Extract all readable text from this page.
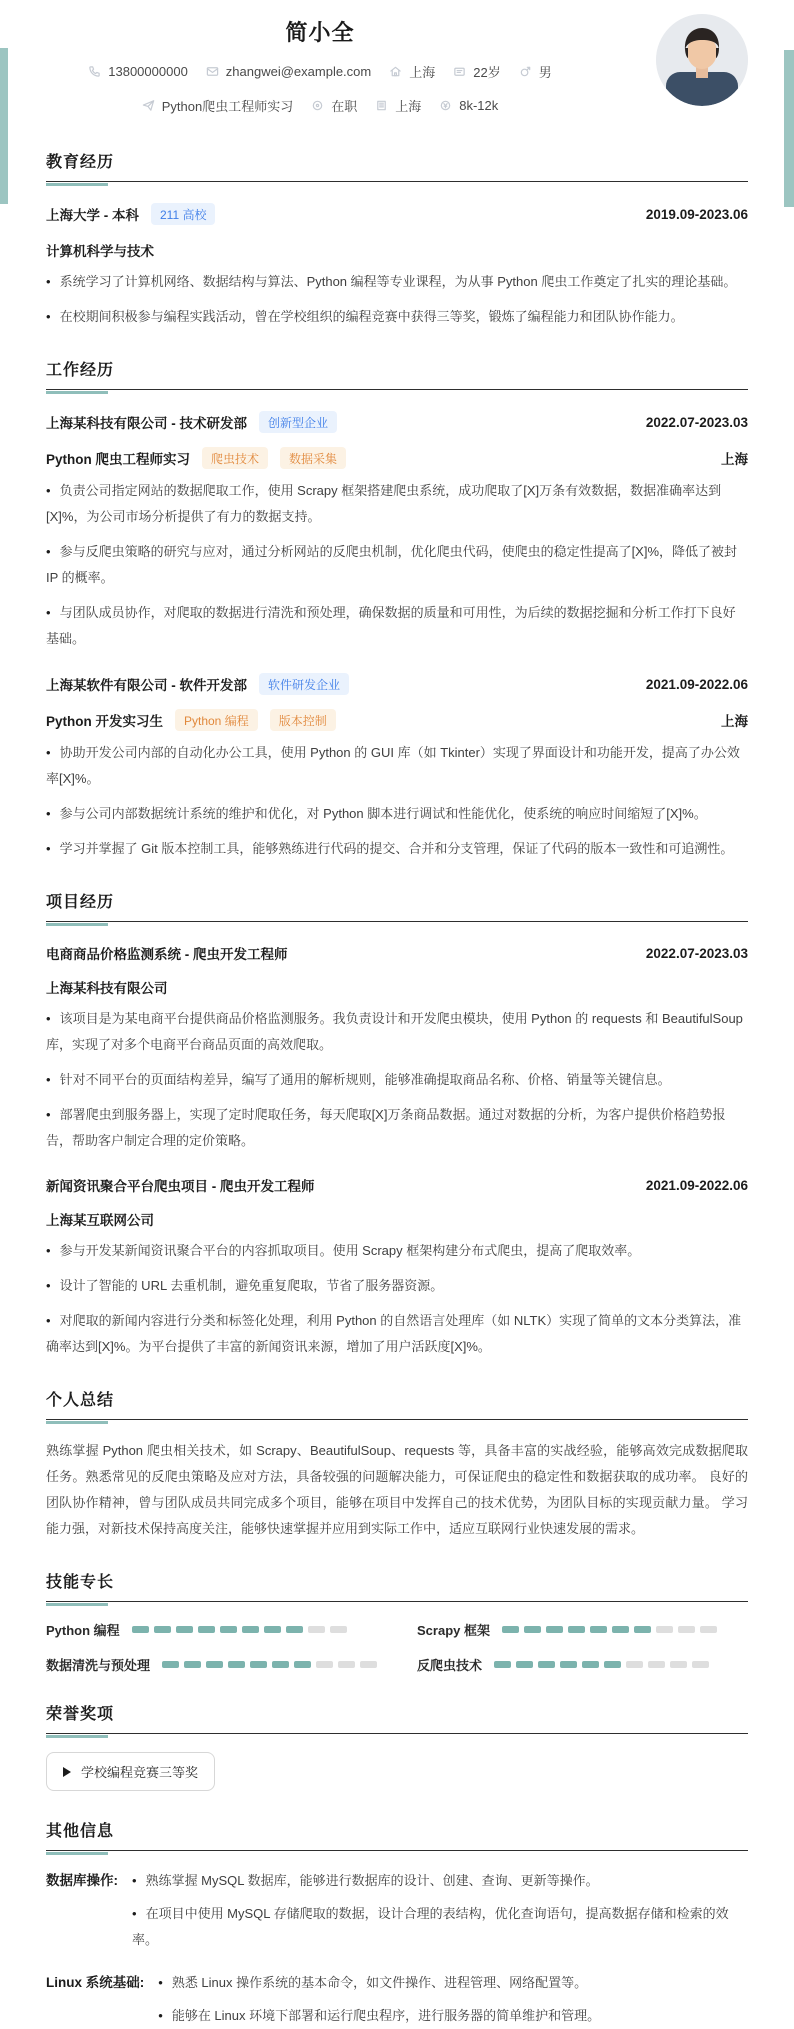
简小全
13800000000	zhangwei@example.com	上海	22岁	男
Python爬虫工程师实习	在职	上海	8k-12k
教育经历
上海大学 - 本科	211 高校	2019.09-2023.06
计算机科学与技术
• 系统学习了计算机网络、数据结构与算法、Python 编程等专业课程，为从事 Python 爬虫工作奠定了扎实的理论基础。
• 在校期间积极参与编程实践活动，曾在学校组织的编程竞赛中获得三等奖，锻炼了编程能力和团队协作能力。
工作经历
上海某科技有限公司 - 技术研发部	创新型企业	2022.07-2023.03
Python 爬虫工程师实习	爬虫技术	数据采集	上海
• 负责公司指定网站的数据爬取工作，使用 Scrapy 框架搭建爬虫系统，成功爬取了[X]万条有效数据，数据准确率达到[X]%，为公司市场分析提供了有力的数据支持。
• 参与反爬虫策略的研究与应对，通过分析网站的反爬虫机制，优化爬虫代码，使爬虫的稳定性提高了[X]%，降低了被封 IP 的概率。
• 与团队成员协作，对爬取的数据进行清洗和预处理，确保数据的质量和可用性，为后续的数据挖掘和分析工作打下良好基础。
上海某软件有限公司 - 软件开发部	软件研发企业	2021.09-2022.06
Python 开发实习生	Python 编程	版本控制	上海
• 协助开发公司内部的自动化办公工具，使用 Python 的 GUI 库（如 Tkinter）实现了界面设计和功能开发，提高了办公效率[X]%。
• 参与公司内部数据统计系统的维护和优化，对 Python 脚本进行调试和性能优化，使系统的响应时间缩短了[X]%。
• 学习并掌握了 Git 版本控制工具，能够熟练进行代码的提交、合并和分支管理，保证了代码的版本一致性和可追溯性。
项目经历
电商商品价格监测系统 - 爬虫开发工程师	2022.07-2023.03
上海某科技有限公司
• 该项目是为某电商平台提供商品价格监测服务。我负责设计和开发爬虫模块，使用 Python 的 requests 和 BeautifulSoup 库，实现了对多个电商平台商品页面的高效爬取。
• 针对不同平台的页面结构差异，编写了通用的解析规则，能够准确提取商品名称、价格、销量等关键信息。
• 部署爬虫到服务器上，实现了定时爬取任务，每天爬取[X]万条商品数据。通过对数据的分析，为客户提供价格趋势报告，帮助客户制定合理的定价策略。
新闻资讯聚合平台爬虫项目 - 爬虫开发工程师	2021.09-2022.06
上海某互联网公司
• 参与开发某新闻资讯聚合平台的内容抓取项目。使用 Scrapy 框架构建分布式爬虫，提高了爬取效率。
• 设计了智能的 URL 去重机制，避免重复爬取，节省了服务器资源。
• 对爬取的新闻内容进行分类和标签化处理，利用 Python 的自然语言处理库（如 NLTK）实现了简单的文本分类算法，准确率达到[X]%。为平台提供了丰富的新闻资讯来源，增加了用户活跃度[X]%。
个人总结

熟练掌握 Python 爬虫相关技术，如 Scrapy、BeautifulSoup、requests 等，具备丰富的实战经验，能够高效完成数据爬取任务。熟悉常见的反爬虫策略及应对方法，具备较强的问题解决能力，可保证爬虫的稳定性和数据获取的成功率。 良好的团队协作精神，曾与团队成员共同完成多个项目，能够在项目中发挥自己的技术优势，为团队目标的实现贡献力量。 学习能力强，对新技术保持高度关注，能够快速掌握并应用到实际工作中，适应互联网行业快速发展的需求。

技能专长
Python 编程	Scrapy 框架
数据清洗与预处理	反爬虫技术
荣誉奖项
学校编程竞赛三等奖
其他信息
数据库操作:	• 熟练掌握 MySQL 数据库，能够进行数据库的设计、创建、查询、更新等操作。
• 在项目中使用 MySQL 存储爬取的数据，设计合理的表结构，优化查询语句，提高数据存储和检索的效率。
Linux 系统基础:	• 熟悉 Linux 操作系统的基本命令，如文件操作、进程管理、网络配置等。
• 能够在 Linux 环境下部署和运行爬虫程序，进行服务器的简单维护和管理。
